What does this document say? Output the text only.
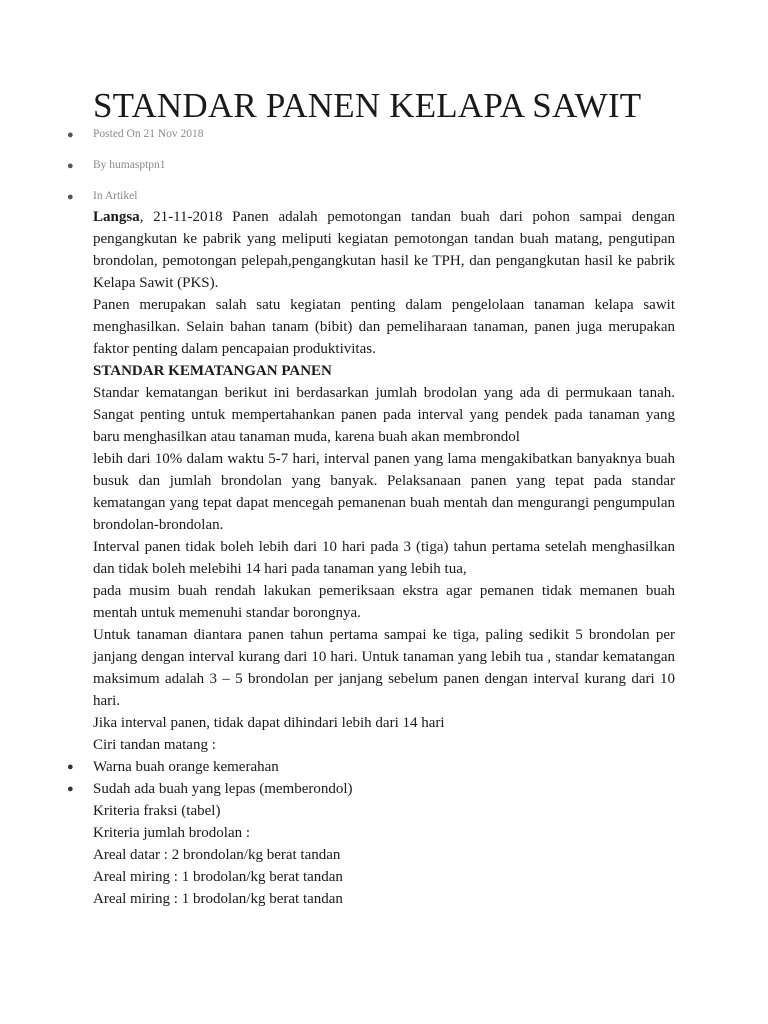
STANDAR PANEN KELAPA SAWIT
● Posted On 21 Nov 2018
● By humasptpn1
● In Artikel

Langsa, 21-11-2018 Panen adalah pemotongan tandan buah dari pohon sampai dengan pengangkutan ke pabrik yang meliputi kegiatan pemotongan tandan buah matang, pengutipan brondolan, pemotongan pelepah,pengangkutan hasil ke TPH, dan pengangkutan hasil ke pabrik Kelapa Sawit (PKS).

Panen merupakan salah satu kegiatan penting dalam pengelolaan tanaman kelapa sawit menghasilkan. Selain bahan tanam (bibit) dan pemeliharaan tanaman, panen juga merupakan faktor penting dalam pencapaian produktivitas.

STANDAR KEMATANGAN PANEN

Standar kematangan berikut ini berdasarkan jumlah brodolan yang ada di permukaan tanah. Sangat penting untuk mempertahankan panen pada interval yang pendek pada tanaman yang baru menghasilkan atau tanaman muda, karena buah akan membrondol

lebih dari 10% dalam waktu 5-7 hari, interval panen yang lama mengakibatkan banyaknya buah busuk dan jumlah brondolan yang banyak. Pelaksanaan panen yang tepat pada standar kematangan yang tepat dapat mencegah pemanenan buah mentah dan mengurangi pengumpulan brondolan-brondolan.

Interval panen tidak boleh lebih dari 10 hari pada 3 (tiga) tahun pertama setelah menghasilkan dan tidak boleh melebihi 14 hari pada tanaman yang lebih tua,

pada musim buah rendah lakukan pemeriksaan ekstra agar pemanen tidak memanen buah mentah untuk memenuhi standar borongnya.

Untuk tanaman diantara panen tahun pertama sampai ke tiga, paling sedikit 5 brondolan per janjang dengan interval kurang dari 10 hari. Untuk tanaman yang lebih tua , standar kematangan maksimum adalah 3 – 5 brondolan per janjang sebelum panen dengan interval kurang dari 10 hari.

Jika interval panen, tidak dapat dihindari lebih dari 14 hari

Ciri tandan matang :

● Warna buah orange kemerahan

● Sudah ada buah yang lepas (memberondol)

Kriteria fraksi (tabel)

Kriteria jumlah brodolan :

Areal datar : 2 brondolan/kg berat tandan

Areal miring : 1 brodolan/kg berat tandan

Areal miring : 1 brodolan/kg berat tandan
